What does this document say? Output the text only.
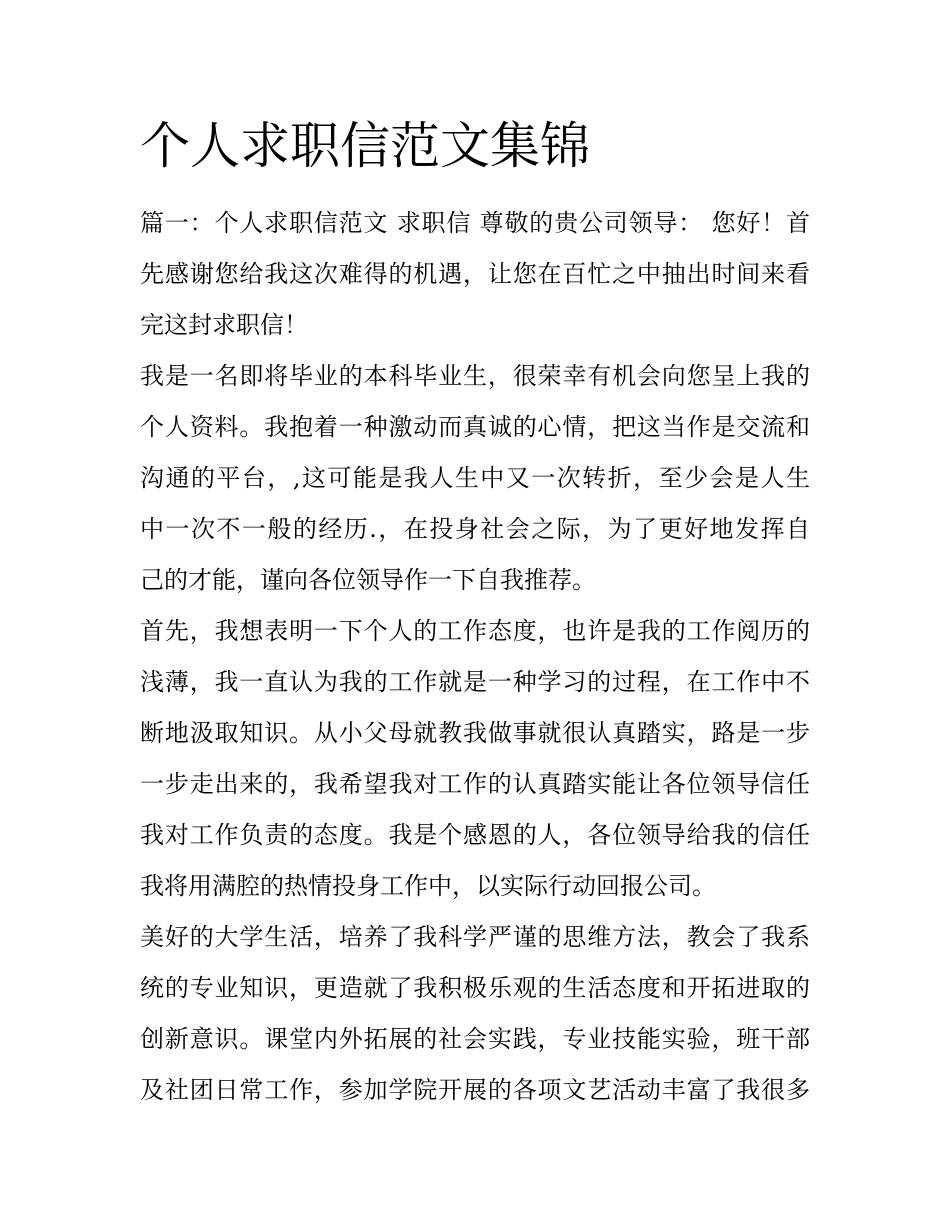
个人求职信范文集锦

篇一：个人求职信范文 求职信 尊敬的贵公司领导： 您好！首

先感谢您给我这次难得的机遇，让您在百忙之中抽出时间来看

完这封求职信！

我是一名即将毕业的本科毕业生，很荣幸有机会向您呈上我的

个人资料。我抱着一种激动而真诚的心情，把这当作是交流和

沟通的平台，,这可能是我人生中又一次转折，至少会是人生

中一次不一般的经历.，在投身社会之际，为了更好地发挥自

己的才能，谨向各位领导作一下自我推荐。

首先，我想表明一下个人的工作态度，也许是我的工作阅历的

浅薄，我一直认为我的工作就是一种学习的过程，在工作中不

断地汲取知识。从小父母就教我做事就很认真踏实，路是一步

一步走出来的，我希望我对工作的认真踏实能让各位领导信任

我对工作负责的态度。我是个感恩的人，各位领导给我的信任

我将用满腔的热情投身工作中，以实际行动回报公司。

美好的大学生活，培养了我科学严谨的思维方法，教会了我系

统的专业知识，更造就了我积极乐观的生活态度和开拓进取的

创新意识。课堂内外拓展的社会实践，专业技能实验，班干部

及社团日常工作，参加学院开展的各项文艺活动丰富了我很多
